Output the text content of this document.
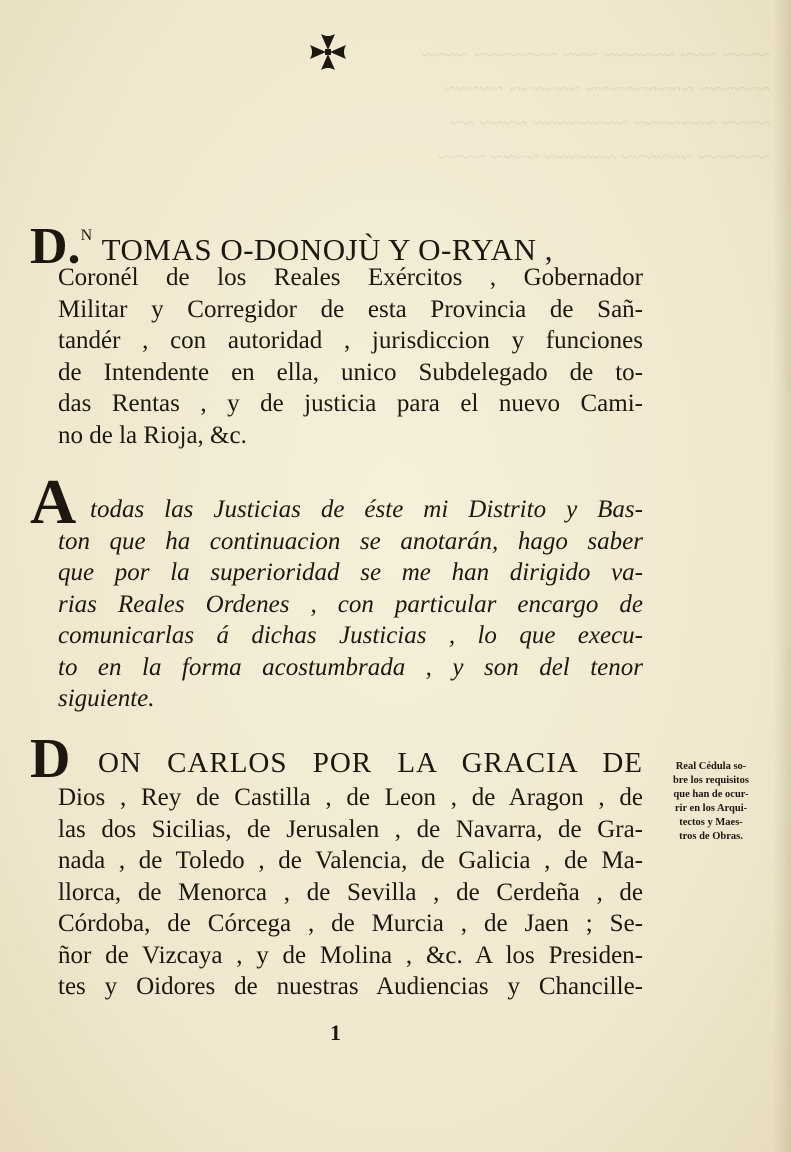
~~~~ ~~~ ~~~~~~ ~~~ ~~~~~~~ ~~~~
~~~~~~ ~~~~~~~~~ ~~~~~~ ~~~~~
~~~~ ~~~~~~~ ~~~~~~~~ ~~~~ ~~
~~~~~~ ~~~~~~ ~~~~~~ ~~~~ ~~~~
D.$^N$ TOMAS O-DONOJÙ Y O-RYAN ,
Coronél de los Reales Exércitos , Gobernador
Militar y Corregidor de esta Provincia de Sañ-
tandér , con autoridad , jurisdiccion y funciones
de Intendente en ella, unico Subdelegado de to-
das Rentas , y de justicia para el nuevo Cami-
no de la Rioja, &c.
A todas las Justicias de éste mi Distrito y Bas-
ton que ha continuacion se anotarán, hago saber
que por la superioridad se me han dirigido va-
rias Reales Ordenes , con particular encargo de
comunicarlas á dichas Justicias , lo que execu-
to en la forma acostumbrada , y son del tenor
siguiente.
D ON CARLOS POR LA GRACIA DE
Dios , Rey de Castilla , de Leon , de Aragon , de
las dos Sicilias, de Jerusalen , de Navarra, de Gra-
nada , de Toledo , de Valencia, de Galicia , de Ma-
llorca, de Menorca , de Sevilla , de Cerdeña , de
Córdoba, de Córcega , de Murcia , de Jaen ; Se-
ñor de Vizcaya , y de Molina , &c. A los Presiden-
tes y Oidores de nuestras Audiencias y Chancille-
Real Cédula so-
bre los requisitos
que han de ocur-
rir en los Arqui-
tectos y Maes-
tros de Obras.
1
